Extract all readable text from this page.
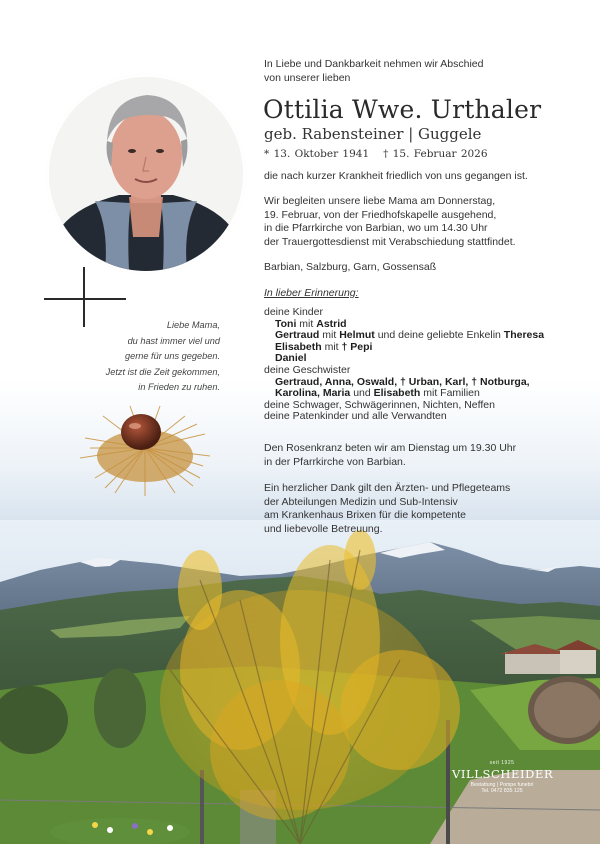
Liebe Mama,
du hast immer viel und
gerne für uns gegeben.
Jetzt ist die Zeit gekommen,
in Frieden zu ruhen.
In Liebe und Dankbarkeit nehmen wir Abschied
von unserer lieben
Ottilia Wwe. Urthaler
geb. Rabensteiner | Guggele
* 13. Oktober 1941 † 15. Februar 2026
die nach kurzer Krankheit friedlich von uns gegangen ist.
Wir begleiten unsere liebe Mama am Donnerstag,
19. Februar, von der Friedhofskapelle ausgehend,
in die Pfarrkirche von Barbian, wo um 14.30 Uhr
der Trauergottesdienst mit Verabschiedung stattfindet.
Barbian, Salzburg, Garn, Gossensaß
In lieber Erinnerung:
deine Kinder
Toni mit Astrid
Gertraud mit Helmut und deine geliebte Enkelin Theresa
Elisabeth mit † Pepi
Daniel
deine Geschwister
Gertraud, Anna, Oswald, † Urban, Karl, † Notburga,
Karolina, Maria und Elisabeth mit Familien
deine Schwager, Schwägerinnen, Nichten, Neffen
deine Patenkinder und alle Verwandten
Den Rosenkranz beten wir am Dienstag um 19.30 Uhr
in der Pfarrkirche von Barbian.
Ein herzlicher Dank gilt den Ärzten- und Pflegeteams
der Abteilungen Medizin und Sub-Intensiv
am Krankenhaus Brixen für die kompetente
und liebevolle Betreuung.
seit 1925
VILLSCHEIDER
Bestattung | Pompe funebri
Tel. 0472 835 125
